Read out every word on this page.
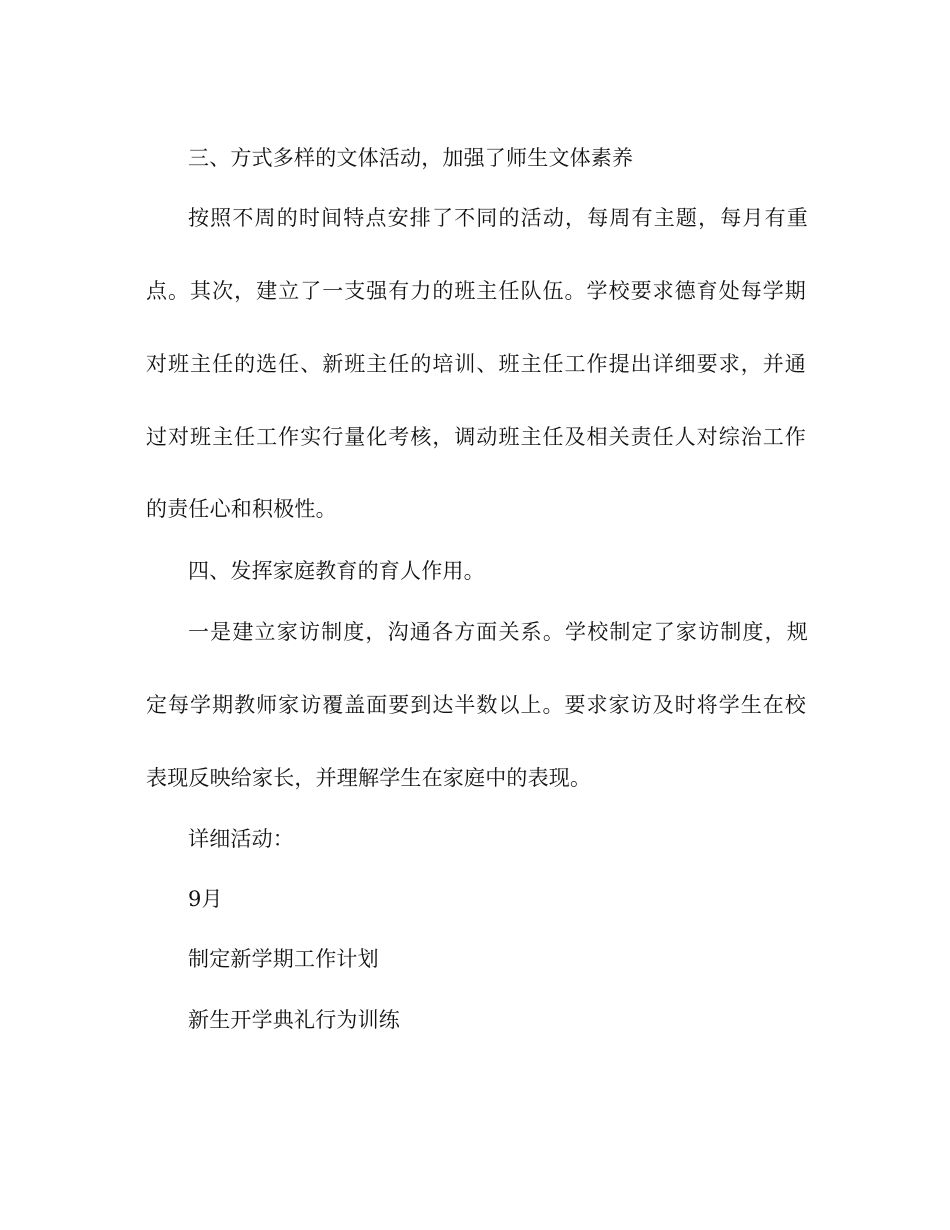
三、方式多样的文体活动，加强了师生文体素养
按照不周的时间特点安排了不同的活动，每周有主题，每月有重
点。其次，建立了一支强有力的班主任队伍。学校要求德育处每学期
对班主任的选任、新班主任的培训、班主任工作提出详细要求，并通
过对班主任工作实行量化考核，调动班主任及相关责任人对综治工作
的责任心和积极性。
四、发挥家庭教育的育人作用。
一是建立家访制度，沟通各方面关系。学校制定了家访制度，规
定每学期教师家访覆盖面要到达半数以上。要求家访及时将学生在校
表现反映给家长，并理解学生在家庭中的表现。
详细活动：
9月
制定新学期工作计划
新生开学典礼行为训练
